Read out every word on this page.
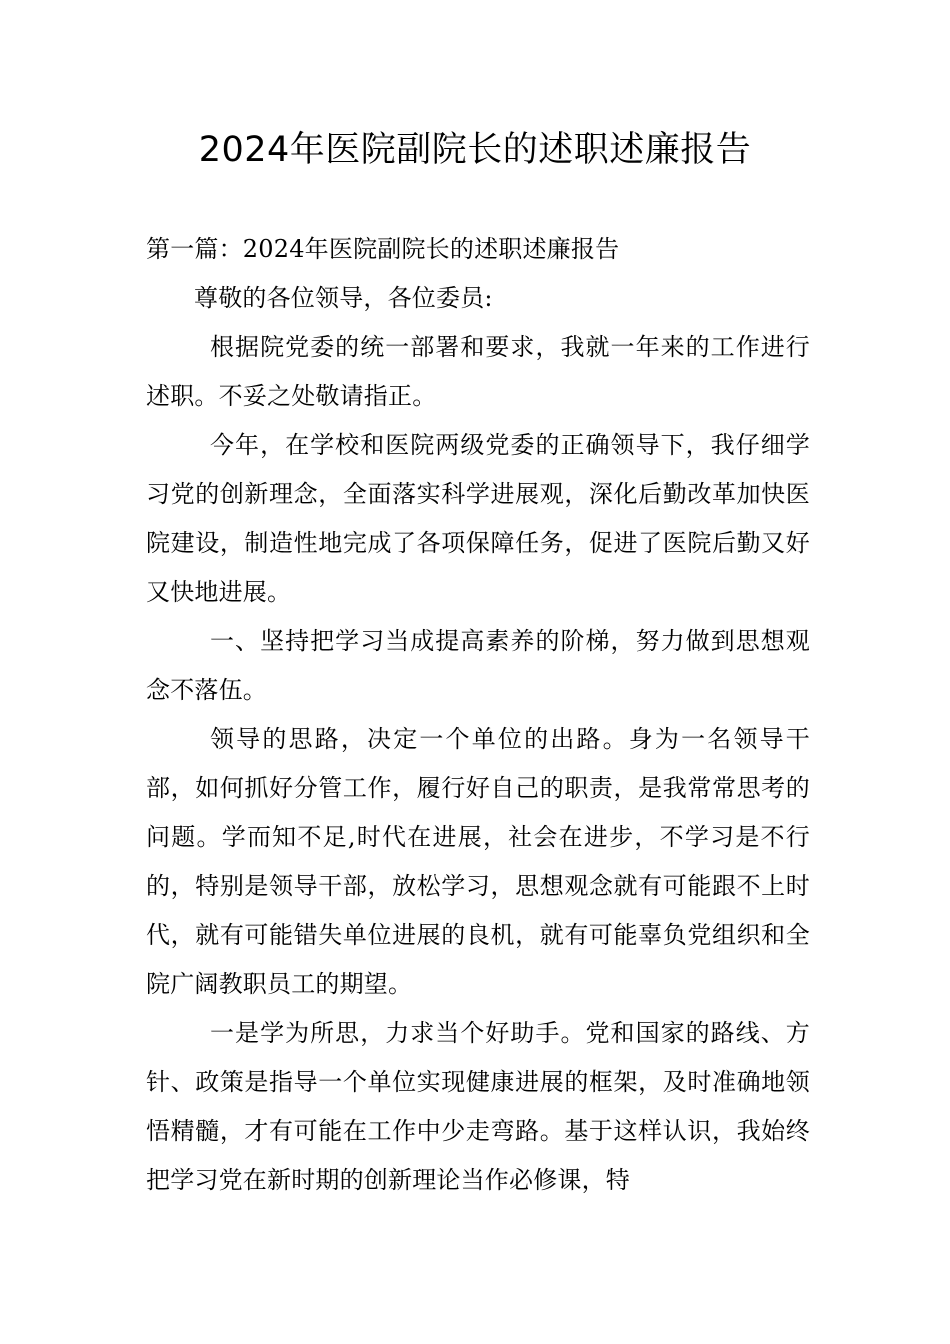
2024年医院副院长的述职述廉报告

第一篇：2024年医院副院长的述职述廉报告

尊敬的各位领导，各位委员:

根据院党委的统一部署和要求，我就一年来的工作进行述职。不妥之处敬请指正。

今年，在学校和医院两级党委的正确领导下，我仔细学习党的创新理念，全面落实科学进展观，深化后勤改革加快医院建设，制造性地完成了各项保障任务，促进了医院后勤又好又快地进展。

一、坚持把学习当成提高素养的阶梯，努力做到思想观念不落伍。

领导的思路，决定一个单位的出路。身为一名领导干部，如何抓好分管工作，履行好自己的职责，是我常常思考的问题。学而知不足,时代在进展，社会在进步，不学习是不行的，特别是领导干部，放松学习，思想观念就有可能跟不上时代，就有可能错失单位进展的良机，就有可能辜负党组织和全院广阔教职员工的期望。

一是学为所思，力求当个好助手。党和国家的路线、方针、政策是指导一个单位实现健康进展的框架，及时准确地领悟精髓，才有可能在工作中少走弯路。基于这样认识，我始终把学习党在新时期的创新理论当作必修课，特
